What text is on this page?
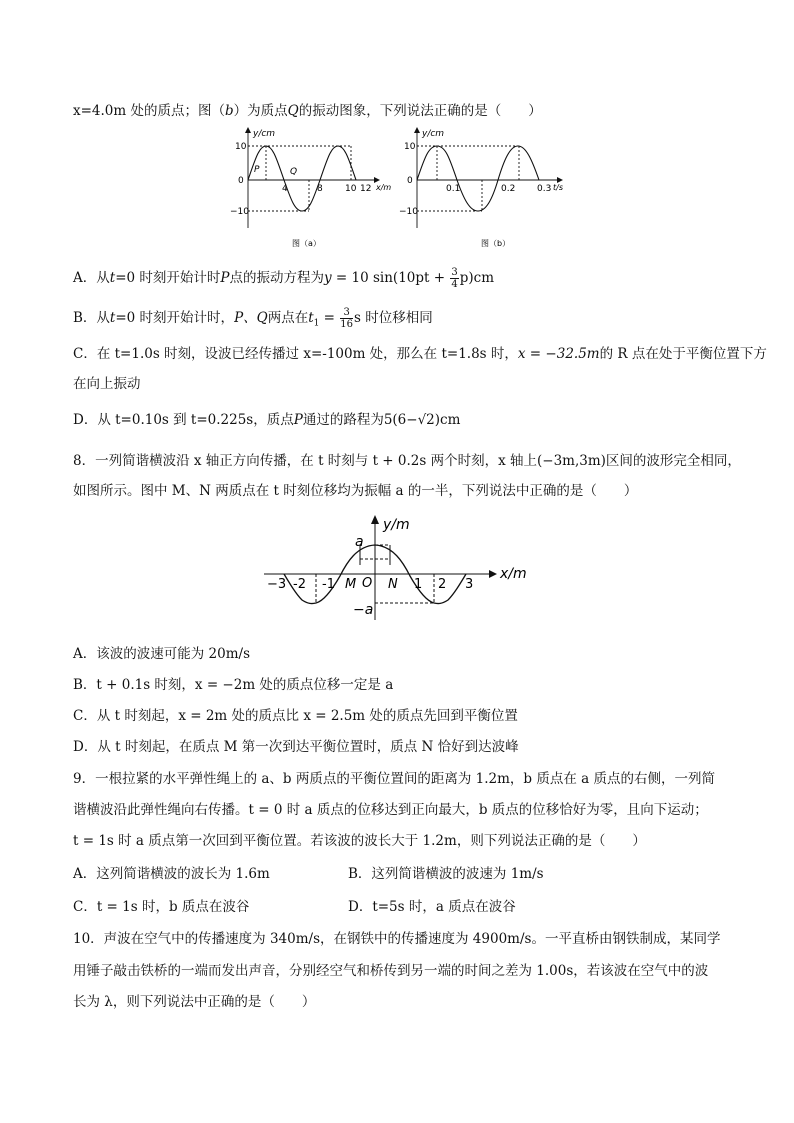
x=4.0m 处的质点；图（b）为质点Q的振动图象，下列说法正确的是（　　）
y/cm
10
0
−10
P	Q
4	8 10 12 x/m
图（a）
y/cm
10
0
−10
0.1	0.2 0.3 t/s
图（b）
A．从t=0 时刻开始计时P点的振动方程为y = 10 $\sin(10pt + \frac{3}{4} p)cm$
B．从t=0 时刻开始计时，P、Q两点在$t_1 = \frac{3}{16}$ s 时位移相同
C．在 t=1.0s 时刻，设波已经传播过 x=-100m 处，那么在 t=1.8s 时，x = −32.5m的 R 点在处于平衡位置下方
在向上振动
D．从 t=0.10s 到 t=0.225s，质点P通过的路程为5(6−√2)cm
8．一列简谐横波沿 x 轴正方向传播，在 t 时刻与 t + 0.2s 两个时刻，x 轴上(−3m,3m)区间的波形完全相同，
如图所示。图中 M、N 两质点在 t 时刻位移均为振幅 a 的一半，下列说法中正确的是（　　）
y/m
x/m
a
−a
O
M N
−3 -2 -1	1 2 3
A．该波的波速可能为 20m/s
B．t + 0.1s 时刻，x = −2m 处的质点位移一定是 a
C．从 t 时刻起，x = 2m 处的质点比 x = 2.5m 处的质点先回到平衡位置
D．从 t 时刻起，在质点 M 第一次到达平衡位置时，质点 N 恰好到达波峰
9．一根拉紧的水平弹性绳上的 a、b 两质点的平衡位置间的距离为 1.2m，b 质点在 a 质点的右侧，一列简
谐横波沿此弹性绳向右传播。t = 0 时 a 质点的位移达到正向最大，b 质点的位移恰好为零，且向下运动；
t = 1s 时 a 质点第一次回到平衡位置。若该波的波长大于 1.2m，则下列说法正确的是（　　）
A．这列简谐横波的波长为 1.6m	B．这列简谐横波的波速为 1m/s
C．t = 1s 时，b 质点在波谷	D．t=5s 时，a 质点在波谷
10．声波在空气中的传播速度为 340m/s，在钢铁中的传播速度为 4900m/s。一平直桥由钢铁制成，某同学
用锤子敲击铁桥的一端而发出声音，分别经空气和桥传到另一端的时间之差为 1.00s，若该波在空气中的波
长为 λ，则下列说法中正确的是（　　）
